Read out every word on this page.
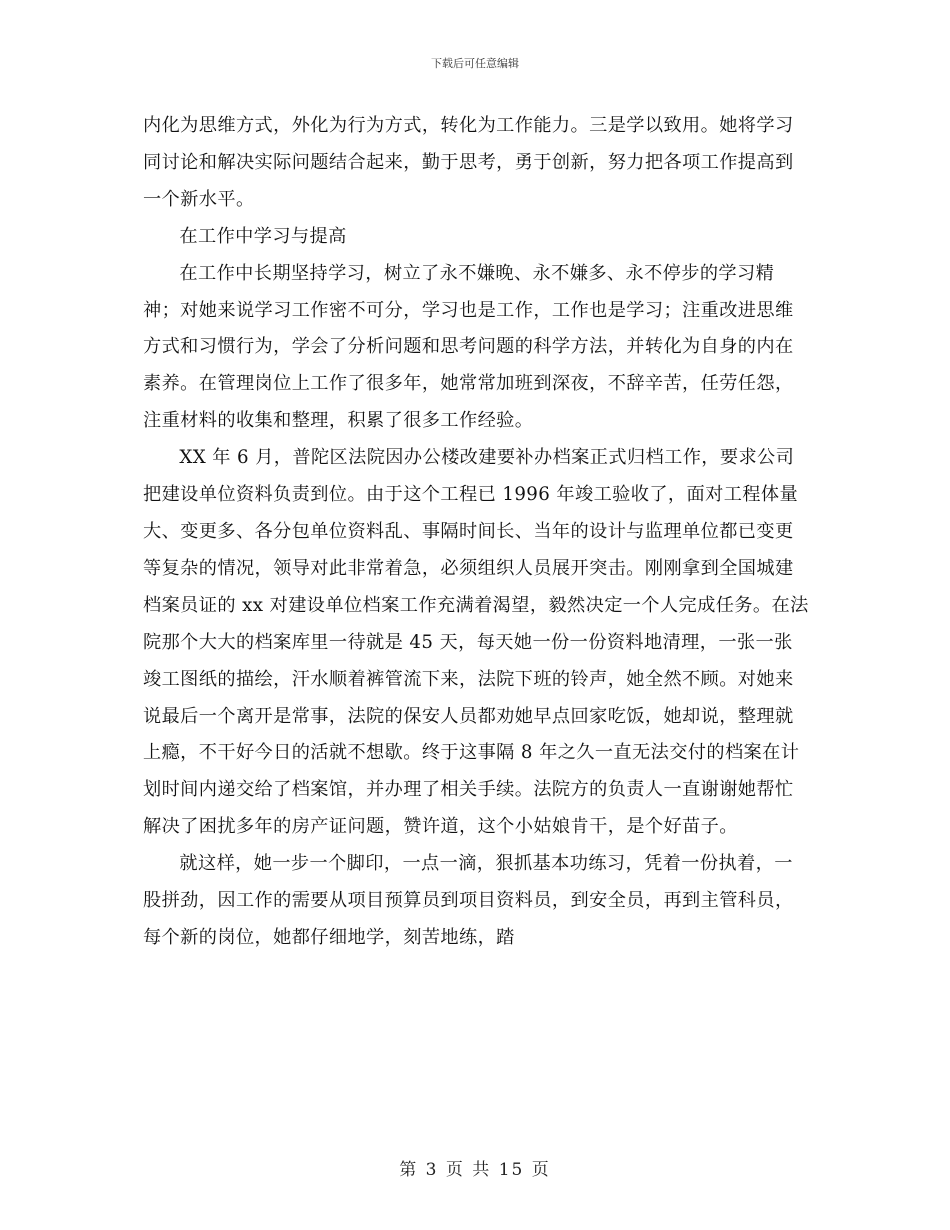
下载后可任意编辑

内化为思维方式，外化为行为方式，转化为工作能力。三是学以致用。她将学习同讨论和解决实际问题结合起来，勤于思考，勇于创新，努力把各项工作提高到一个新水平。

在工作中学习与提高

在工作中长期坚持学习，树立了永不嫌晚、永不嫌多、永不停步的学习精神；对她来说学习工作密不可分，学习也是工作，工作也是学习；注重改进思维方式和习惯行为，学会了分析问题和思考问题的科学方法，并转化为自身的内在素养。在管理岗位上工作了很多年，她常常加班到深夜，不辞辛苦，任劳任怨，注重材料的收集和整理，积累了很多工作经验。

XX 年 6 月，普陀区法院因办公楼改建要补办档案正式归档工作，要求公司把建设单位资料负责到位。由于这个工程已 1996 年竣工验收了，面对工程体量大、变更多、各分包单位资料乱、事隔时间长、当年的设计与监理单位都已变更等复杂的情况，领导对此非常着急，必须组织人员展开突击。刚刚拿到全国城建档案员证的 xx 对建设单位档案工作充满着渴望，毅然决定一个人完成任务。在法院那个大大的档案库里一待就是 45 天，每天她一份一份资料地清理，一张一张竣工图纸的描绘，汗水顺着裤管流下来，法院下班的铃声，她全然不顾。对她来说最后一个离开是常事，法院的保安人员都劝她早点回家吃饭，她却说，整理就上瘾，不干好今日的活就不想歇。终于这事隔 8 年之久一直无法交付的档案在计划时间内递交给了档案馆，并办理了相关手续。法院方的负责人一直谢谢她帮忙解决了困扰多年的房产证问题，赞许道，这个小姑娘肯干，是个好苗子。

就这样，她一步一个脚印，一点一滴，狠抓基本功练习，凭着一份执着，一股拼劲，因工作的需要从项目预算员到项目资料员，到安全员，再到主管科员，每个新的岗位，她都仔细地学，刻苦地练，踏

第 3 页 共 15 页
